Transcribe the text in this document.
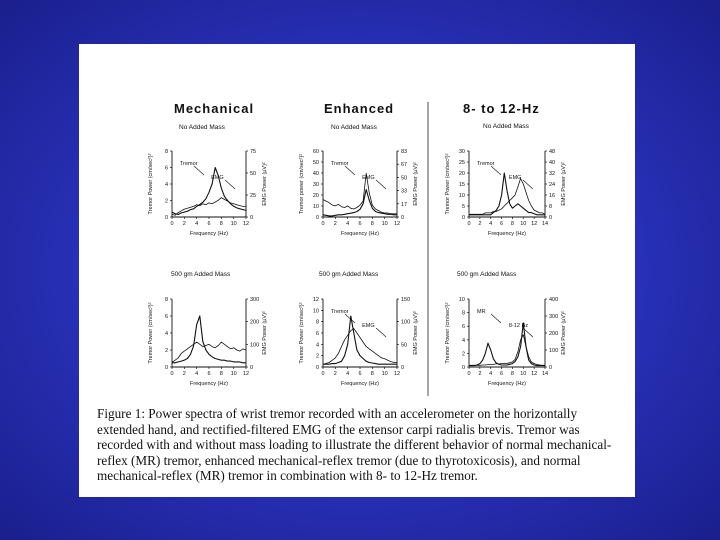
Mechanical	Enhanced	8- to 12-Hz
No Added Mass	No Added Mass	No Added Mass
500 gm Added Mass	500 gm Added Mass	500 gm Added Mass
0 2 4 6 8 10 12
0
2
4
6
8
0
25
50
75
Frequency (Hz)
Tremor Power (cm/sec²)²	EMG Power (µV)²
Tremor
EMG
0 2 4 6 8 10 12
0
10
20
30
40
50
60
0
17
33
50
67
83
Frequency (Hz)
Tremor power (cm/sec²)²	EMG Power (µV)²
Tremor
EMG
0 2 4 6 8 10 12 14
0
5
10
15
20
25
30
0
8
16
24
32
40
48
Frequency (Hz)
Tremor Power (cm/sec²)²	EMG Power (µV)²
Tremor
EMG
0 2 4 6 8 10 12
0
2
4
6
8
0
100
200
300
Frequency (Hz)
Tremor Power (cm/sec²)²	EMG Power (µV)²
0 2 4 6 8 10 12
0
2
4
6
8
10
12
0
50
100
150
Frequency (Hz)
Tremor Power (cm/sec²)²	EMG Power (µV)²
Tremor
EMG
0 2 4 6 8 10 12 14
0
2
4
6
8
10
0
100
200
300
400
Frequency (Hz)
Tremor Power (cm/sec²)²	EMG Power (µV)²
MR
8-12 Hz

Figure 1: Power spectra of wrist tremor recorded with an accelerometer on the horizontally extended hand, and rectified-filtered EMG of the extensor carpi radialis brevis. Tremor was recorded with and without mass loading to illustrate the different behavior of normal mechanical-reflex (MR) tremor, enhanced mechanical-reflex tremor (due to thyrotoxicosis), and normal mechanical-reflex (MR) tremor in combination with 8- to 12-Hz tremor.
